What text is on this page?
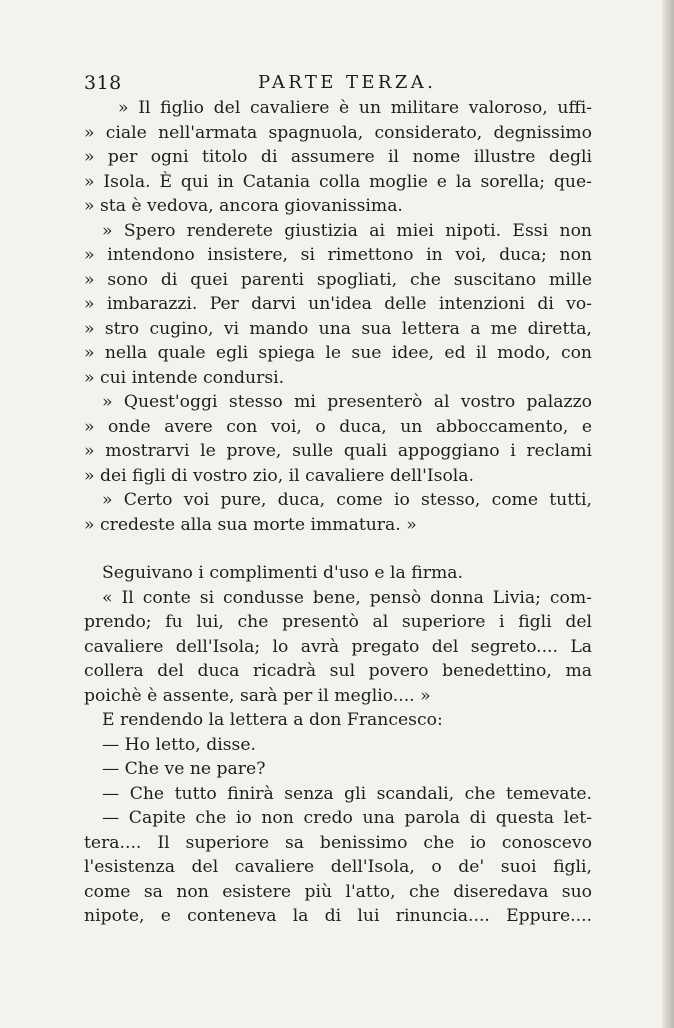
318	PARTE TERZA.
» Il figlio del cavaliere è un militare valoroso, uffi-
» ciale nell'armata spagnuola, considerato, degnissimo
» per ogni titolo di assumere il nome illustre degli
» Isola. È qui in Catania colla moglie e la sorella; que-
» sta è vedova, ancora giovanissima.
» Spero renderete giustizia ai miei nipoti. Essi non
» intendono insistere, si rimettono in voi, duca; non
» sono di quei parenti spogliati, che suscitano mille
» imbarazzi. Per darvi un'idea delle intenzioni di vo-
» stro cugino, vi mando una sua lettera a me diretta,
» nella quale egli spiega le sue idee, ed il modo, con
» cui intende condursi.
» Quest'oggi stesso mi presenterò al vostro palazzo
» onde avere con voi, o duca, un abboccamento, e
» mostrarvi le prove, sulle quali appoggiano i reclami
» dei figli di vostro zio, il cavaliere dell'Isola.
» Certo voi pure, duca, come io stesso, come tutti,
» credeste alla sua morte immatura. »
Seguivano i complimenti d'uso e la firma.
« Il conte si condusse bene, pensò donna Livia; com-
prendo; fu lui, che presentò al superiore i figli del
cavaliere dell'Isola; lo avrà pregato del segreto.... La
collera del duca ricadrà sul povero benedettino, ma
poichè è assente, sarà per il meglio.... »
E rendendo la lettera a don Francesco:
— Ho letto, disse.
— Che ve ne pare?
— Che tutto finirà senza gli scandali, che temevate.
— Capite che io non credo una parola di questa let-
tera.... Il superiore sa benissimo che io conoscevo
l'esistenza del cavaliere dell'Isola, o de' suoi figli,
come sa non esistere più l'atto, che diseredava suo
nipote, e conteneva la di lui rinuncia.... Eppure....
